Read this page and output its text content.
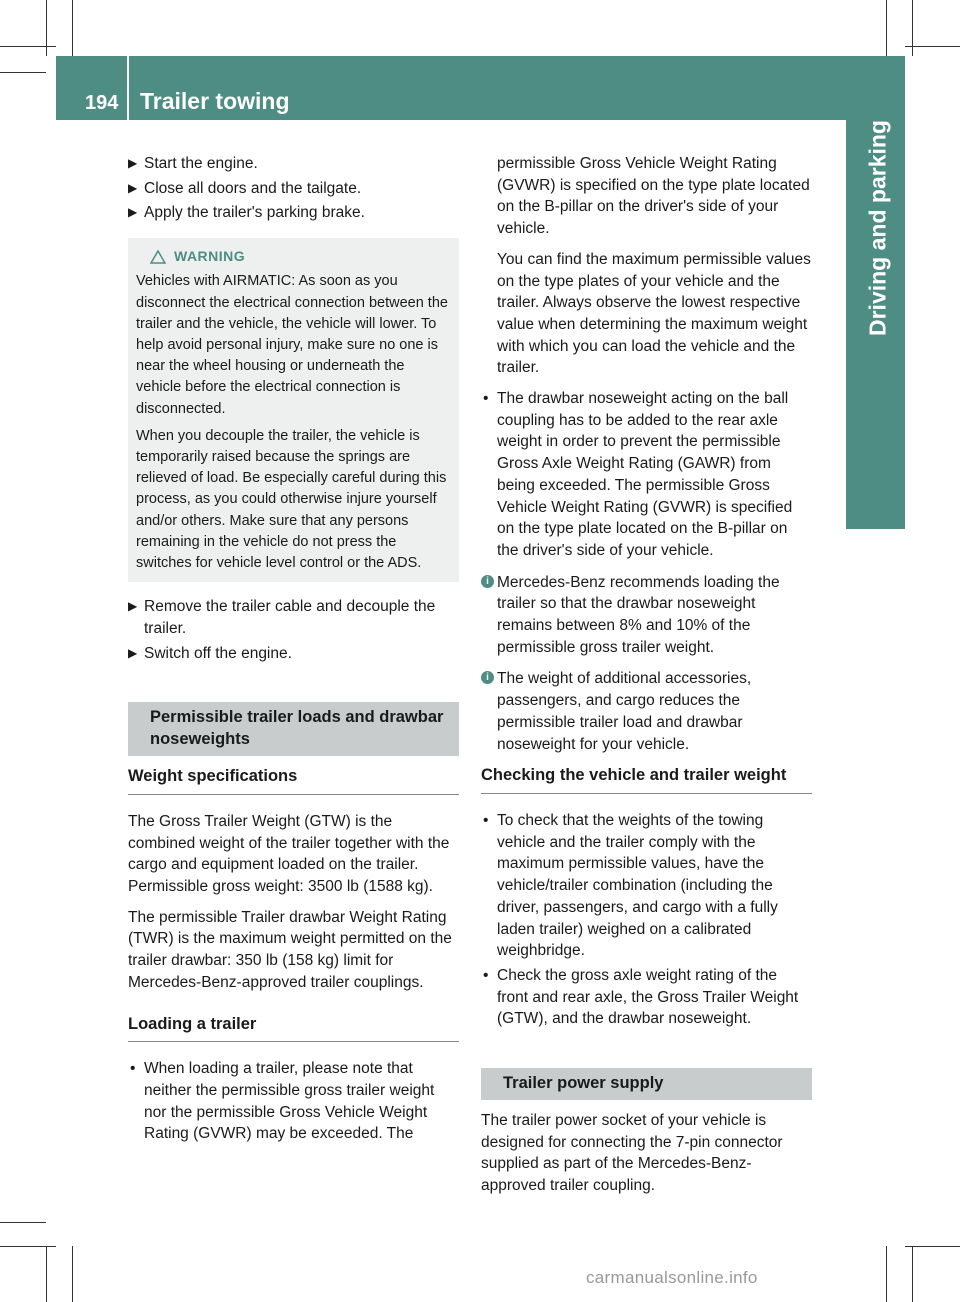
194 Trailer towing
Driving and parking
▶ Start the engine.
▶ Close all doors and the tailgate.
▶ Apply the trailer's parking brake.
WARNING

Vehicles with AIRMATIC: As soon as you disconnect the electrical connection between the trailer and the vehicle, the vehicle will lower. To help avoid personal injury, make sure no one is near the wheel housing or underneath the vehicle before the electrical connection is disconnected.

When you decouple the trailer, the vehicle is temporarily raised because the springs are relieved of load. Be especially careful during this process, as you could otherwise injure yourself and/or others. Make sure that any persons remaining in the vehicle do not press the switches for vehicle level control or the ADS.

▶ Remove the trailer cable and decouple the trailer.
▶ Switch off the engine.
Permissible trailer loads and drawbar noseweights
Weight specifications

The Gross Trailer Weight (GTW) is the combined weight of the trailer together with the cargo and equipment loaded on the trailer. Permissible gross weight: 3500 lb (1588 kg).

The permissible Trailer drawbar Weight Rating (TWR) is the maximum weight permitted on the trailer drawbar: 350 lb (158 kg) limit for Mercedes-Benz-approved trailer couplings.

Loading a trailer
• When loading a trailer, please note that neither the permissible gross trailer weight nor the permissible Gross Vehicle Weight Rating (GVWR) may be exceeded. The

permissible Gross Vehicle Weight Rating (GVWR) is specified on the type plate located on the B-pillar on the driver's side of your vehicle.

You can find the maximum permissible values on the type plates of your vehicle and the trailer. Always observe the lowest respective value when determining the maximum weight with which you can load the vehicle and the trailer.

• The drawbar noseweight acting on the ball coupling has to be added to the rear axle weight in order to prevent the permissible Gross Axle Weight Rating (GAWR) from being exceeded. The permissible Gross Vehicle Weight Rating (GVWR) is specified on the type plate located on the B-pillar on the driver's side of your vehicle.
i Mercedes-Benz recommends loading the trailer so that the drawbar noseweight remains between 8% and 10% of the permissible gross trailer weight.
i The weight of additional accessories, passengers, and cargo reduces the permissible trailer load and drawbar noseweight for your vehicle.
Checking the vehicle and trailer weight
• To check that the weights of the towing vehicle and the trailer comply with the maximum permissible values, have the vehicle/trailer combination (including the driver, passengers, and cargo with a fully laden trailer) weighed on a calibrated weighbridge.
• Check the gross axle weight rating of the front and rear axle, the Gross Trailer Weight (GTW), and the drawbar noseweight.
Trailer power supply

The trailer power socket of your vehicle is designed for connecting the 7-pin connector supplied as part of the Mercedes-Benz-approved trailer coupling.

carmanualsonline.info
